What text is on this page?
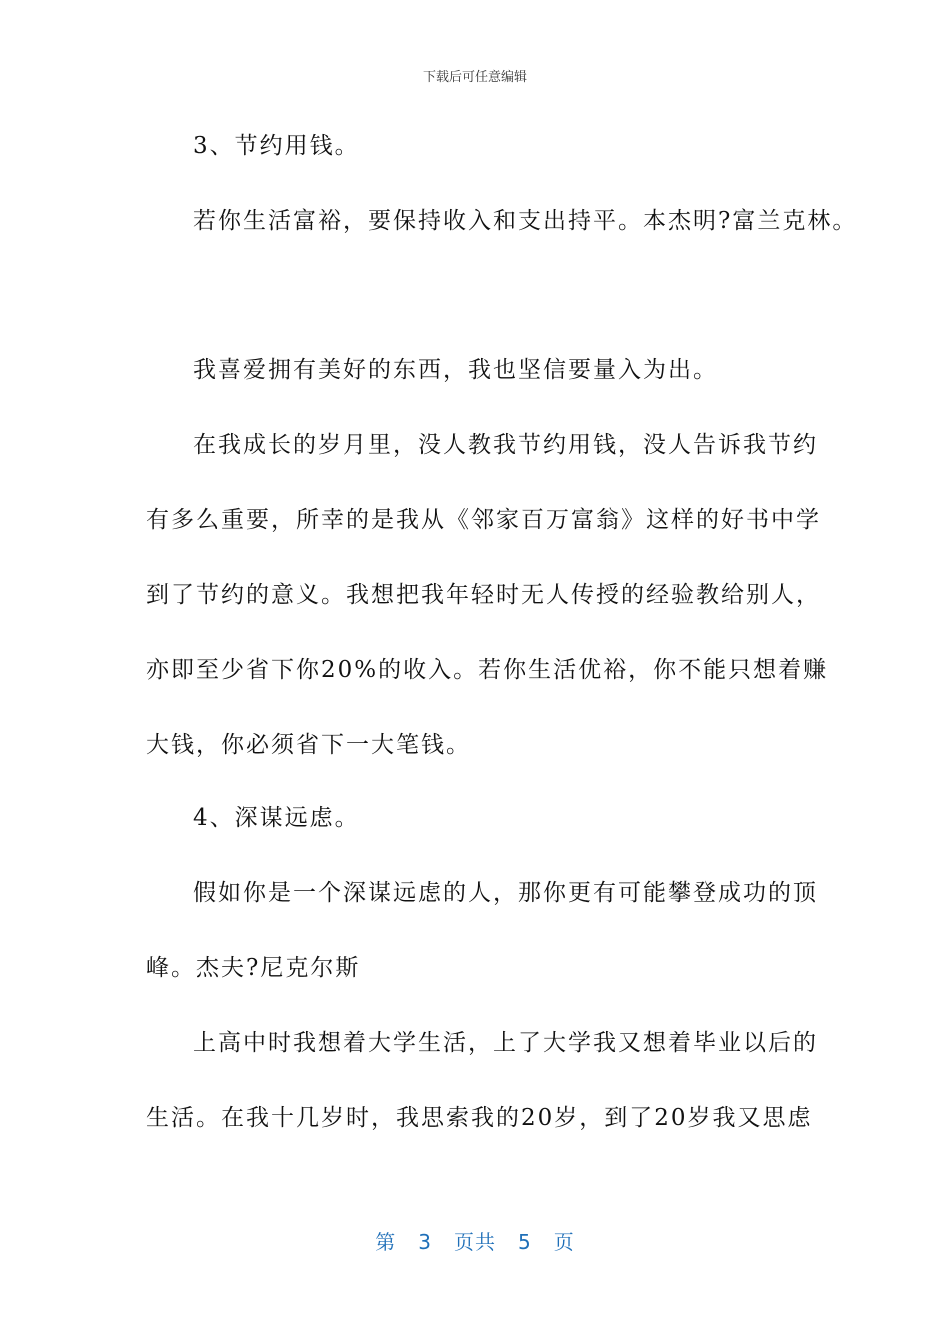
下载后可任意编辑
3、节约用钱。
若你生活富裕，要保持收入和支出持平。本杰明?富兰克林。
我喜爱拥有美好的东西，我也坚信要量入为出。
在我成长的岁月里，没人教我节约用钱，没人告诉我节约
有多么重要，所幸的是我从《邻家百万富翁》这样的好书中学
到了节约的意义。我想把我年轻时无人传授的经验教给别人，
亦即至少省下你20%的收入。若你生活优裕，你不能只想着赚
大钱，你必须省下一大笔钱。
4、深谋远虑。
假如你是一个深谋远虑的人，那你更有可能攀登成功的顶
峰。杰夫?尼克尔斯
上高中时我想着大学生活，上了大学我又想着毕业以后的
生活。在我十几岁时，我思索我的20岁，到了20岁我又思虑
第 3 页共 5 页
